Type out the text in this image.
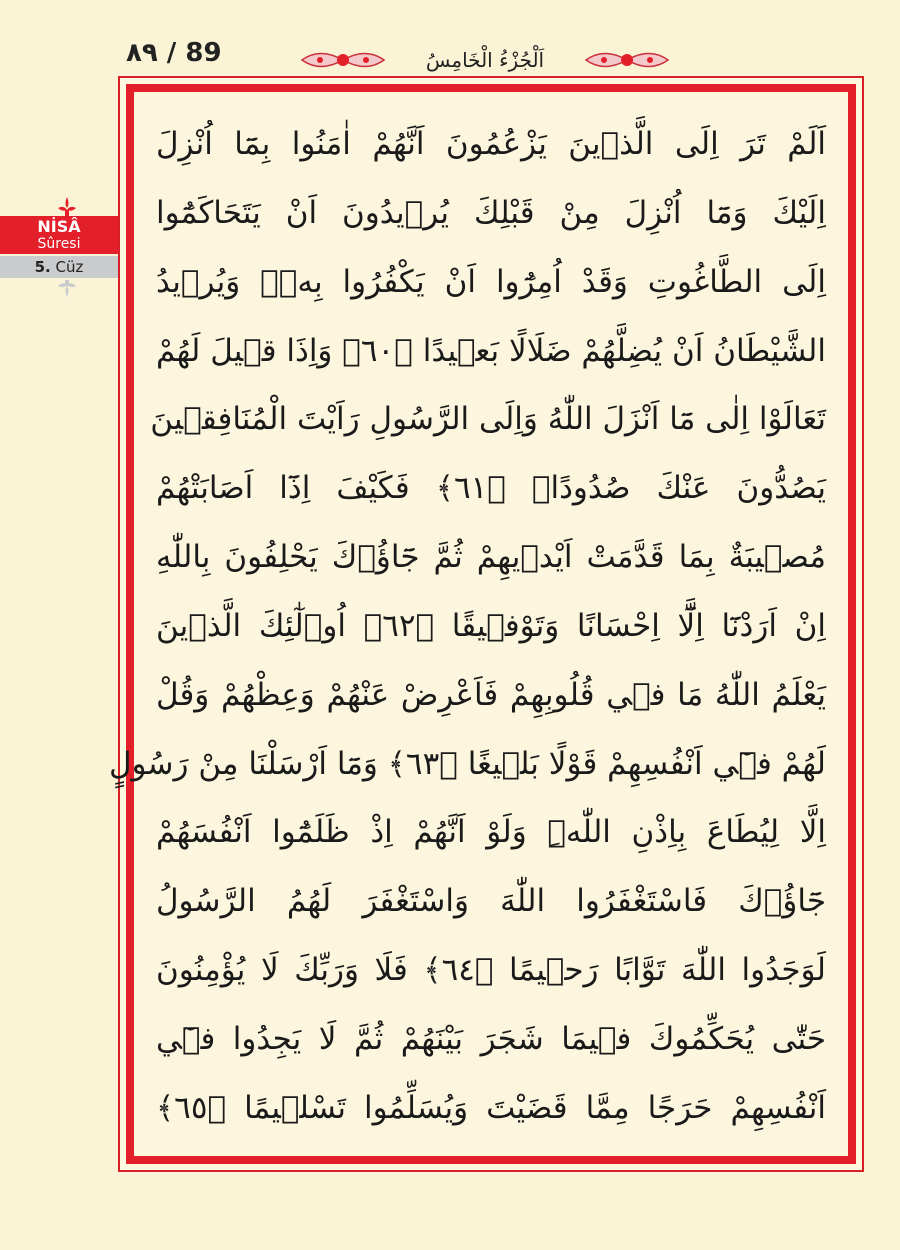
٨٩ / 89	اَلْجُزْءُ الْخَامِسُ
NİSÂ
Sûresi
5. Cüz
اَلَمْ تَرَ اِلَى الَّذ۪ينَ يَزْعُمُونَ اَنَّهُمْ اٰمَنُوا بِمَٓا اُنْزِلَ
اِلَيْكَ وَمَٓا اُنْزِلَ مِنْ قَبْلِكَ يُر۪يدُونَ اَنْ يَتَحَاكَمُٓوا
اِلَى الطَّاغُوتِ وَقَدْ اُمِرُٓوا اَنْ يَكْفُرُوا بِه۪ۜ وَيُر۪يدُ
الشَّيْطَانُ اَنْ يُضِلَّهُمْ ضَلَالًا بَع۪يدًا ﴿٦٠﴾ وَاِذَا ق۪يلَ لَهُمْ
تَعَالَوْا اِلٰى مَٓا اَنْزَلَ اللّٰهُ وَاِلَى الرَّسُولِ رَاَيْتَ الْمُنَافِق۪ينَ
يَصُدُّونَ عَنْكَ صُدُودًاۚ ﴿٦١﴾ فَكَيْفَ اِذَٓا اَصَابَتْهُمْ
مُص۪يبَةٌ بِمَا قَدَّمَتْ اَيْد۪يهِمْ ثُمَّ جَٓاؤُ۫كَ يَحْلِفُونَ بِاللّٰهِ
اِنْ اَرَدْنَٓا اِلَّٓا اِحْسَانًا وَتَوْف۪يقًا ﴿٦٢﴾ اُو۬لٰٓئِكَ الَّذ۪ينَ
يَعْلَمُ اللّٰهُ مَا ف۪ي قُلُوبِهِمْ فَاَعْرِضْ عَنْهُمْ وَعِظْهُمْ وَقُلْ
لَهُمْ ف۪ٓي اَنْفُسِهِمْ قَوْلًا بَل۪يغًا ﴿٦٣﴾ وَمَٓا اَرْسَلْنَا مِنْ رَسُولٍ
اِلَّا لِيُطَاعَ بِاِذْنِ اللّٰهِۜ وَلَوْ اَنَّهُمْ اِذْ ظَلَمُٓوا اَنْفُسَهُمْ
جَٓاؤُ۫كَ فَاسْتَغْفَرُوا اللّٰهَ وَاسْتَغْفَرَ لَهُمُ الرَّسُولُ
لَوَجَدُوا اللّٰهَ تَوَّابًا رَح۪يمًا ﴿٦٤﴾ فَلَا وَرَبِّكَ لَا يُؤْمِنُونَ
حَتّٰى يُحَكِّمُوكَ ف۪يمَا شَجَرَ بَيْنَهُمْ ثُمَّ لَا يَجِدُوا ف۪ٓي
اَنْفُسِهِمْ حَرَجًا مِمَّا قَضَيْتَ وَيُسَلِّمُوا تَسْل۪يمًا ﴿٦٥﴾
